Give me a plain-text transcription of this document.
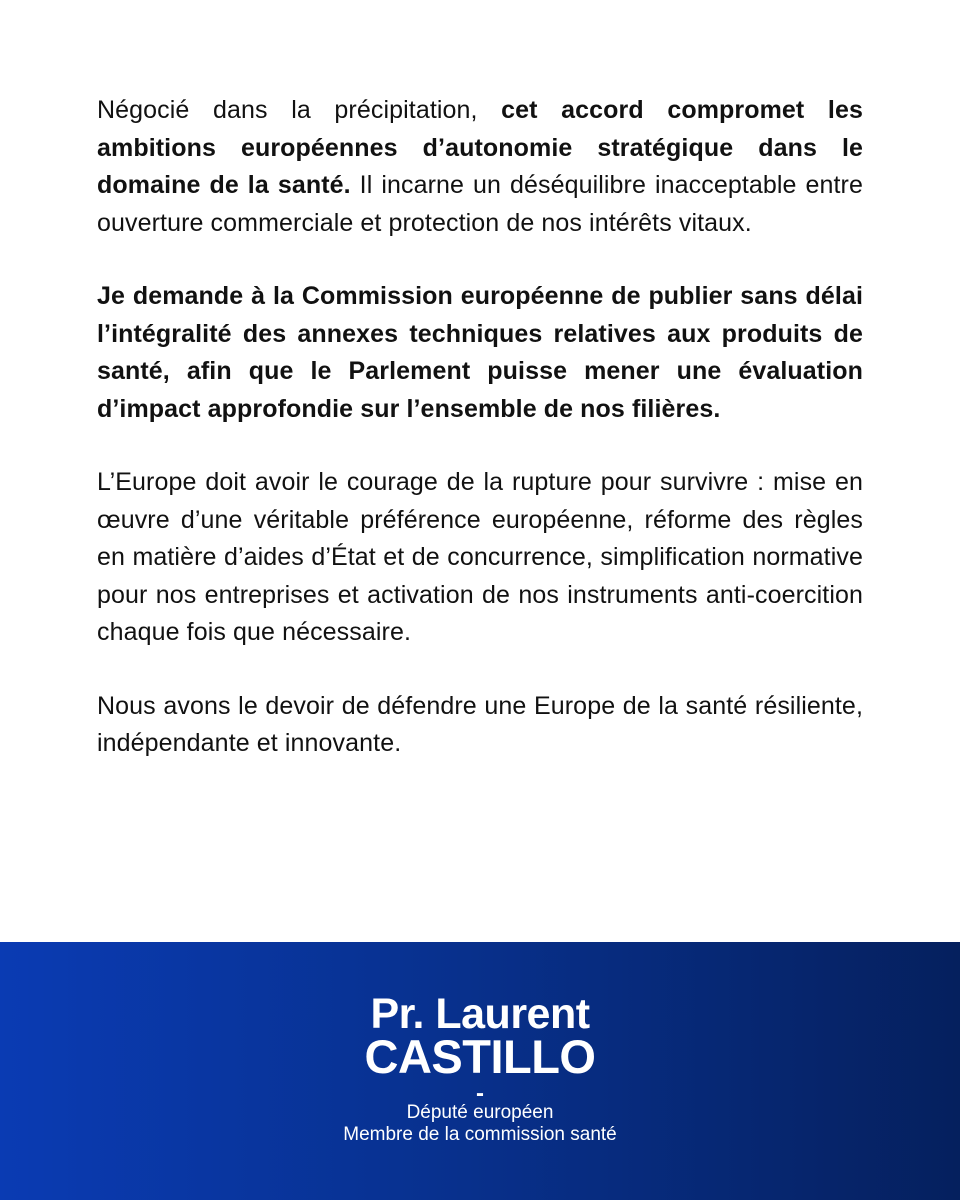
Négocié dans la précipitation, cet accord compromet les ambitions européennes d’autonomie stratégique dans le domaine de la santé. Il incarne un déséquilibre inacceptable entre ouverture commerciale et protection de nos intérêts vitaux.

Je demande à la Commission européenne de publier sans délai l’intégralité des annexes techniques relatives aux produits de santé, afin que le Parlement puisse mener une évaluation d’impact approfondie sur l’ensemble de nos filières.

L’Europe doit avoir le courage de la rupture pour survivre : mise en œuvre d’une véritable préférence européenne, réforme des règles en matière d’aides d’État et de concurrence, simplification normative pour nos entreprises et activation de nos instruments anti-coercition chaque fois que nécessaire.

Nous avons le devoir de défendre une Europe de la santé résiliente, indépendante et innovante.

Pr. Laurent
CASTILLO
-
Député européen
Membre de la commission santé
